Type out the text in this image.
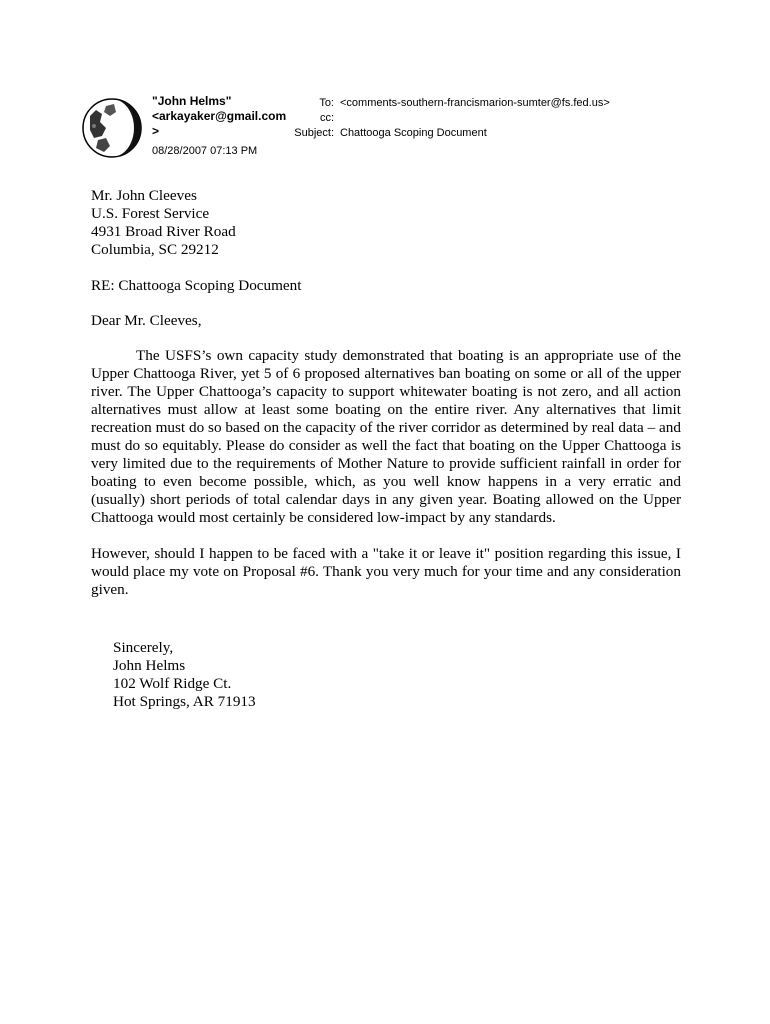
"John Helms"
<arkayaker@gmail.com
>
08/28/2007 07:13 PM
To:
cc:
Subject:
<comments-southern-francismarion-sumter@fs.fed.us>
Chattooga Scoping Document

Mr. John Cleeves
U.S. Forest Service
4931 Broad River Road
Columbia, SC 29212

RE: Chattooga Scoping Document

Dear Mr. Cleeves,

The USFS’s own capacity study demonstrated that boating is an appropriate use of the Upper Chattooga River, yet 5 of 6 proposed alternatives ban boating on some or all of the upper river. The Upper Chattooga’s capacity to support whitewater boating is not zero, and all action alternatives must allow at least some boating on the entire river. Any alternatives that limit recreation must do so based on the capacity of the river corridor as determined by real data – and must do so equitably. Please do consider as well the fact that boating on the Upper Chattooga is very limited due to the requirements of Mother Nature to provide sufficient rainfall in order for boating to even become possible, which, as you well know happens in a very erratic and (usually) short periods of total calendar days in any given year. Boating allowed on the Upper Chattooga would most certainly be considered low-impact by any standards.

However, should I happen to be faced with a "take it or leave it" position regarding this issue, I would place my vote on Proposal #6. Thank you very much for your time and any consideration given.

Sincerely,
John Helms
102 Wolf Ridge Ct.
Hot Springs, AR 71913
